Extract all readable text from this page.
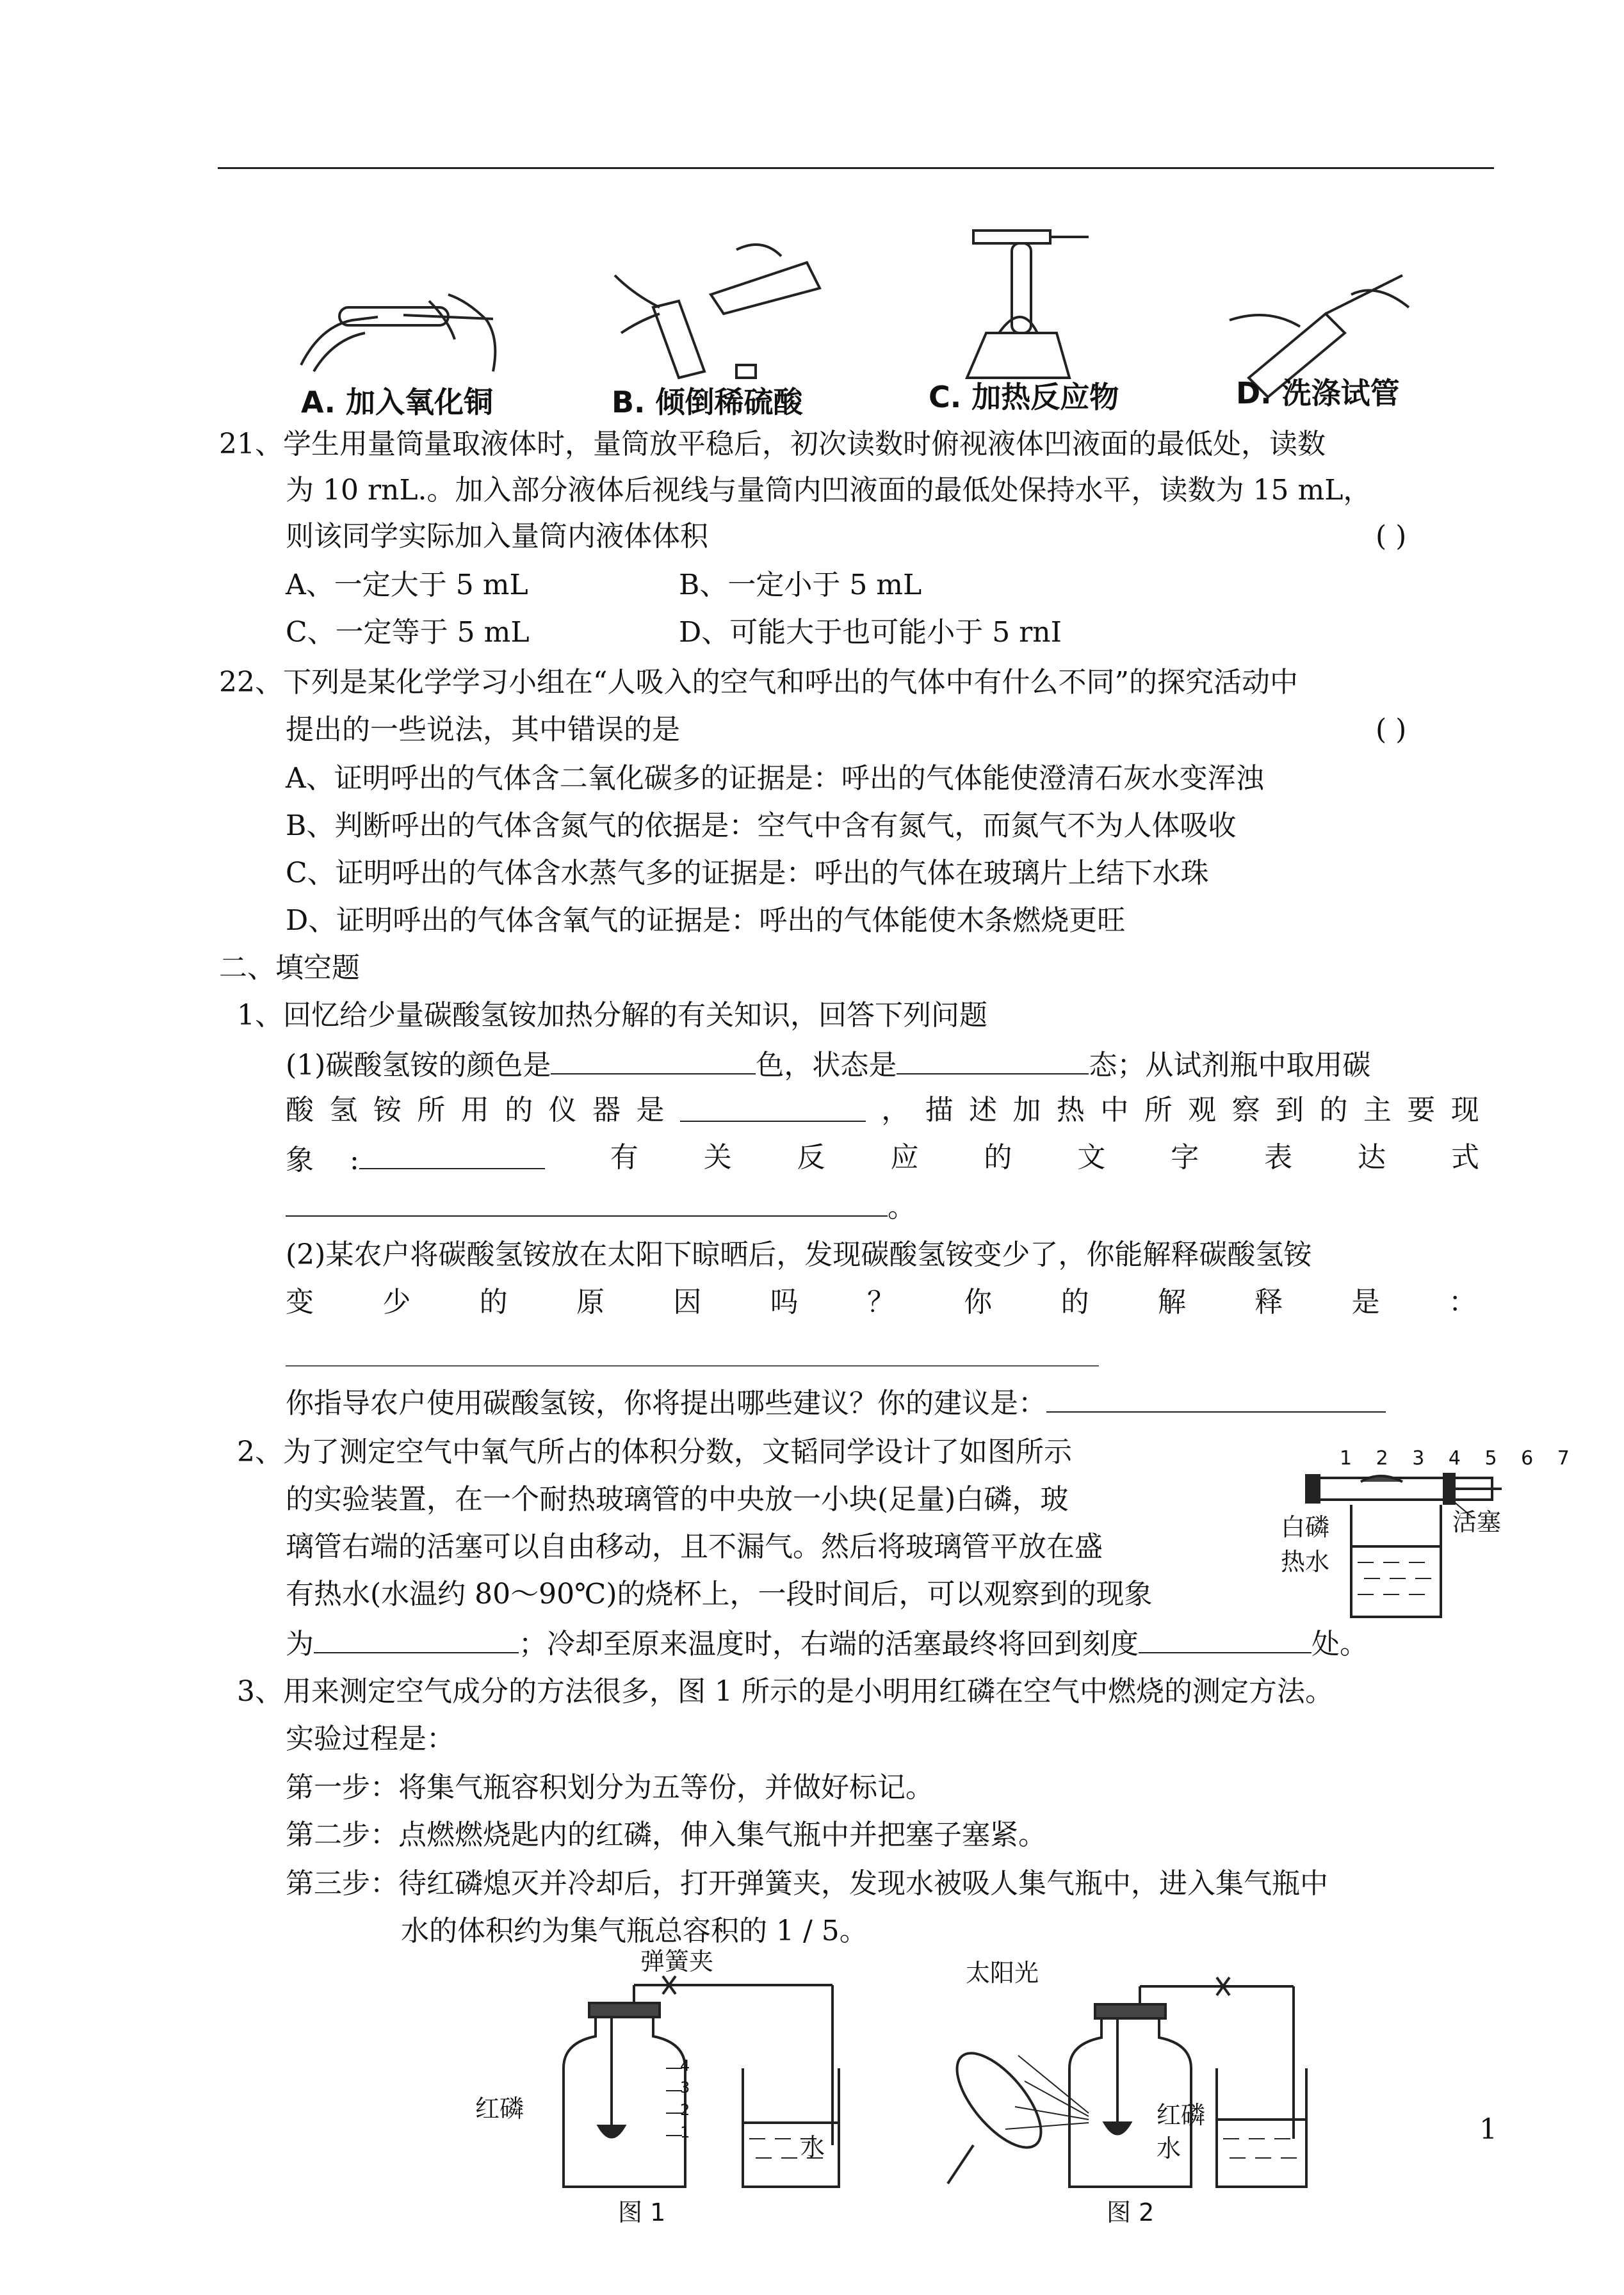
A. 加入氧化铜	B. 倾倒稀硫酸	C. 加热反应物	D. 洗涤试管
21、学生用量筒量取液体时，量筒放平稳后，初次读数时俯视液体凹液面的最低处，读数
为 10 rnL.。加入部分液体后视线与量筒内凹液面的最低处保持水平，读数为 15 mL，
则该同学实际加入量筒内液体体积	( )
A、一定大于 5 mL	B、一定小于 5 mL
C、一定等于 5 mL	D、可能大于也可能小于 5 rnI
22、下列是某化学学习小组在“人吸入的空气和呼出的气体中有什么不同”的探究活动中
提出的一些说法，其中错误的是	( )
A、证明呼出的气体含二氧化碳多的证据是：呼出的气体能使澄清石灰水变浑浊
B、判断呼出的气体含氮气的依据是：空气中含有氮气，而氮气不为人体吸收
C、证明呼出的气体含水蒸气多的证据是：呼出的气体在玻璃片上结下水珠
D、证明呼出的气体含氧气的证据是：呼出的气体能使木条燃烧更旺
二、填空题
1、回忆给少量碳酸氢铵加热分解的有关知识，回答下列问题
(1)碳酸氢铵的颜色是	色，状态是	态；从试剂瓶中取用碳
酸 氢 铵 所 用 的 仪 器 是	， 描 述 加 热 中 所 观 察 到 的 主 要 现
象 :	有 关 反 应 的 文 字 表 达 式
。
(2)某农户将碳酸氢铵放在太阳下晾晒后，发现碳酸氢铵变少了，你能解释碳酸氢铵
变 少 的 原 因 吗 ？ 你 的 解 释 是 ：
你指导农户使用碳酸氢铵，你将提出哪些建议？你的建议是：
2、为了测定空气中氧气所占的体积分数，文韬同学设计了如图所示
的实验装置，在一个耐热玻璃管的中央放一小块(足量)白磷，玻
璃管右端的活塞可以自由移动，且不漏气。然后将玻璃管平放在盛
有热水(水温约 80～90℃)的烧杯上，一段时间后，可以观察到的现象
为	；冷却至原来温度时，右端的活塞最终将回到刻度	处。
1 2 3 4 5 6 7
白磷
热水
活塞
3、用来测定空气成分的方法很多，图 1 所示的是小明用红磷在空气中燃烧的测定方法。
实验过程是：
第一步：将集气瓶容积划分为五等份，并做好标记。
第二步：点燃燃烧匙内的红磷，伸入集气瓶中并把塞子塞紧。
第三步：待红磷熄灭并冷却后，打开弹簧夹，发现水被吸人集气瓶中，进入集气瓶中
水的体积约为集气瓶总容积的 1 / 5。
4
3
2
1
弹簧夹
红磷
水
图 1
太阳光
红磷
水
图 2
1
